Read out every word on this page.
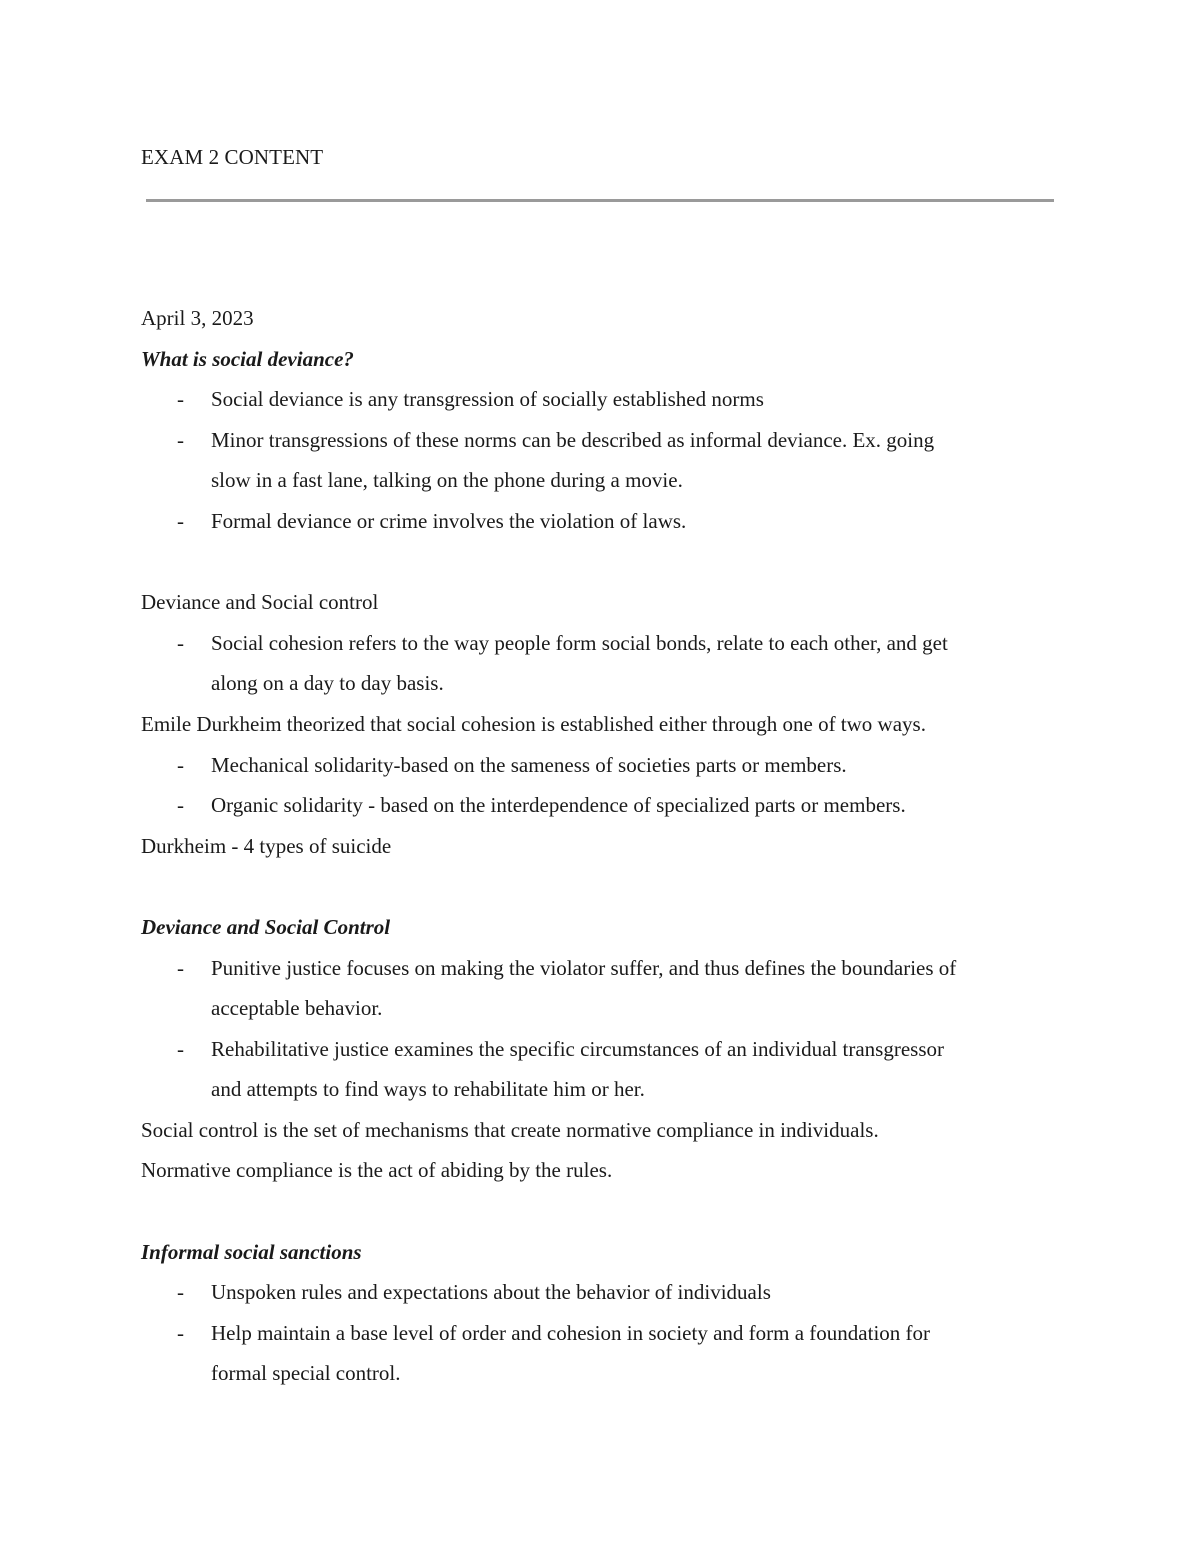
EXAM 2 CONTENT

April 3, 2023

What is social deviance?

- Social deviance is any transgression of socially established norms
- Minor transgressions of these norms can be described as informal deviance. Ex. going
slow in a fast lane, talking on the phone during a movie.
- Formal deviance or crime involves the violation of laws.

Deviance and Social control

- Social cohesion refers to the way people form social bonds, relate to each other, and get
along on a day to day basis.

Emile Durkheim theorized that social cohesion is established either through one of two ways.

- Mechanical solidarity-based on the sameness of societies parts or members.
- Organic solidarity - based on the interdependence of specialized parts or members.

Durkheim - 4 types of suicide

Deviance and Social Control

- Punitive justice focuses on making the violator suffer, and thus defines the boundaries of
acceptable behavior.
- Rehabilitative justice examines the specific circumstances of an individual transgressor
and attempts to find ways to rehabilitate him or her.

Social control is the set of mechanisms that create normative compliance in individuals.

Normative compliance is the act of abiding by the rules.

Informal social sanctions

- Unspoken rules and expectations about the behavior of individuals
- Help maintain a base level of order and cohesion in society and form a foundation for
formal special control.
